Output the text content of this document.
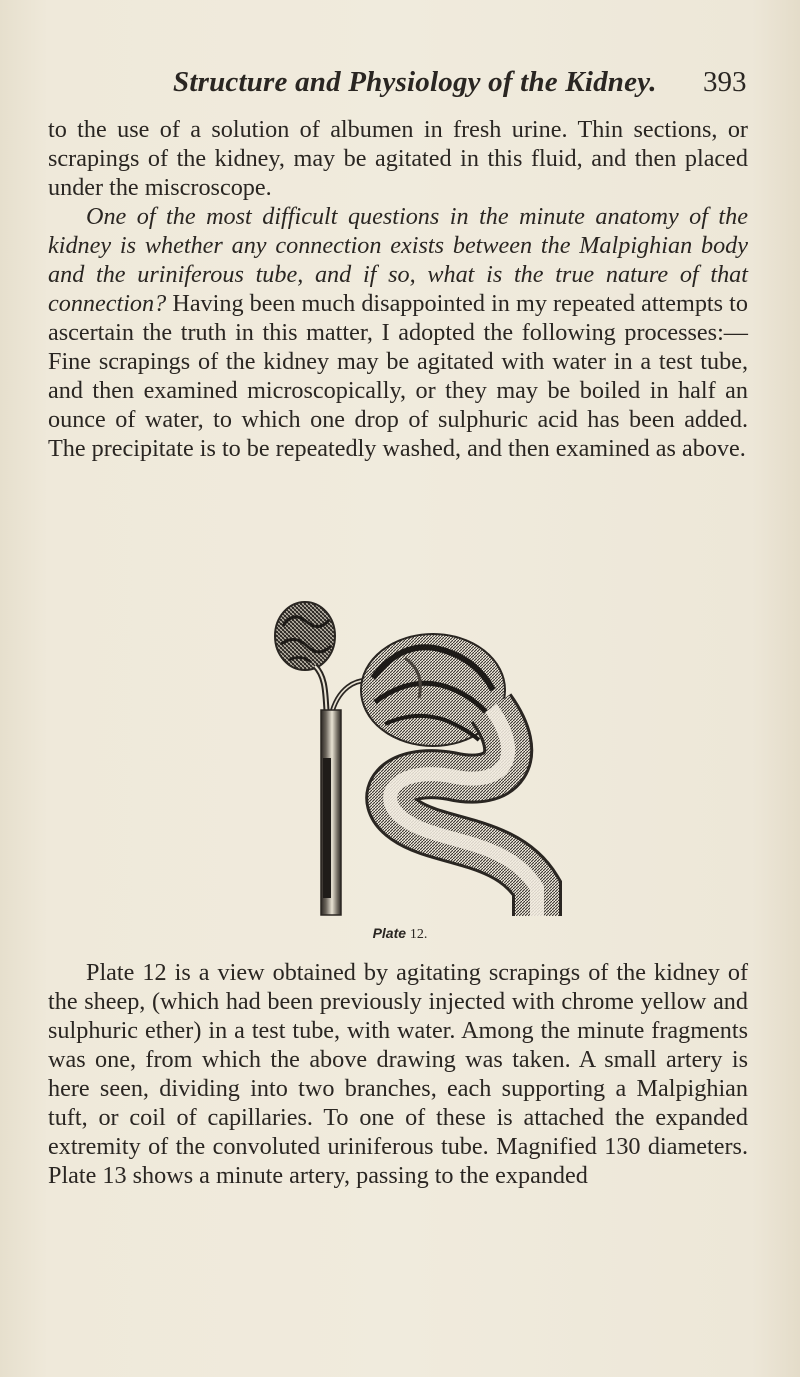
Structure and Physiology of the Kidney. 393

to the use of a solution of albumen in fresh urine. Thin sections, or scrapings of the kidney, may be agitated in this fluid, and then placed under the miscroscope.

One of the most difficult questions in the minute anatomy of the kidney is whether any connection exists between the Malpighian body and the uriniferous tube, and if so, what is the true nature of that connection? Having been much disappointed in my repeated attempts to ascertain the truth in this matter, I adopted the following processes:—Fine scrapings of the kidney may be agitated with water in a test tube, and then examined microscopically, or they may be boiled in half an ounce of water, to which one drop of sulphuric acid has been added. The precipitate is to be repeatedly washed, and then examined as above.

Plate 12.

Plate 12 is a view obtained by agitating scrapings of the kidney of the sheep, (which had been previously injected with chrome yellow and sulphuric ether) in a test tube, with water. Among the minute fragments was one, from which the above drawing was taken. A small artery is here seen, dividing into two branches, each supporting a Malpighian tuft, or coil of capillaries. To one of these is attached the expanded extremity of the convoluted uriniferous tube. Magnified 130 diameters. Plate 13 shows a minute artery, passing to the expanded
